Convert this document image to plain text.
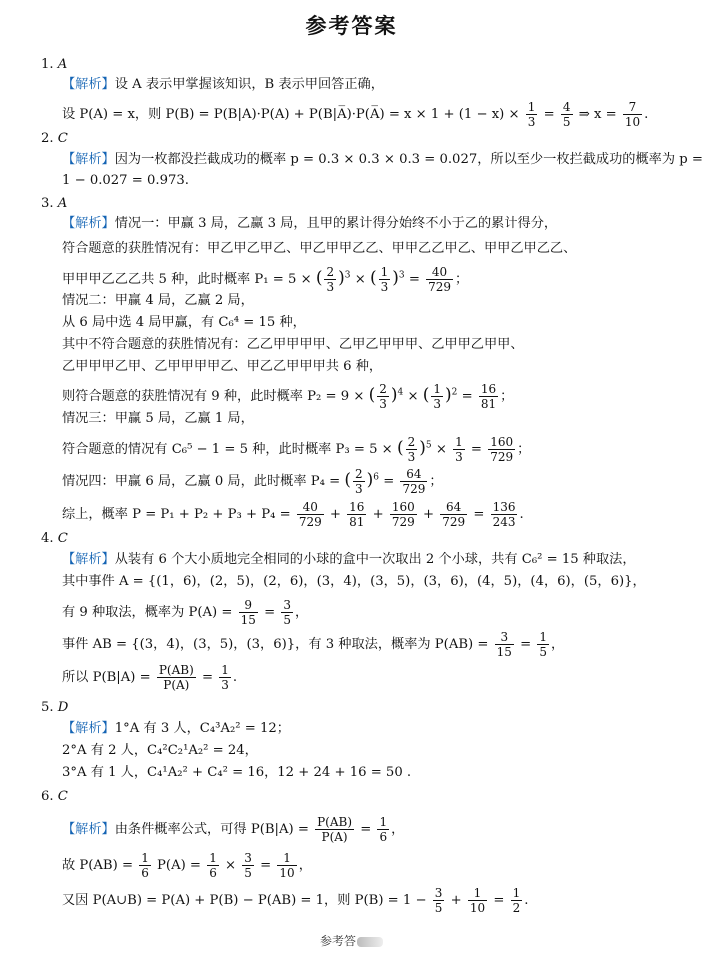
参考答案
1. A
【解析】设 A 表示甲掌握该知识，B 表示甲回答正确，
设 P(A) = x，则 P(B) = P(B|A)·P(A) + P(B|A̅)·P(A̅) = $x \times 1 + (1 - x) \times \frac{1}{3} = \frac{4}{5}$ ⇒ $x = \frac{7}{10}$ .
2. C
【解析】因为一枚都没拦截成功的概率 p = 0.3 × 0.3 × 0.3 = 0.027，所以至少一枚拦截成功的概率为 p =
1 − 0.027 = 0.973.
3. A
【解析】情况一：甲赢 3 局，乙赢 3 局，且甲的累计得分始终不小于乙的累计得分，
符合题意的获胜情况有：甲乙甲乙甲乙、甲乙甲甲乙乙、甲甲乙乙甲乙、甲甲乙甲乙乙、
甲甲甲乙乙乙共 5 种，此时概率 P₁ = 5 × ( $\frac{2}{3} )^3$ × ( $\frac{1}{3} )^3 = \frac{40}{729}$ ；
情况二：甲赢 4 局，乙赢 2 局，
从 6 局中选 4 局甲赢，有 C₆⁴ = 15 种，
其中不符合题意的获胜情况有：乙乙甲甲甲甲、乙甲乙甲甲甲、乙甲甲乙甲甲、
乙甲甲甲乙甲、乙甲甲甲甲乙、甲乙乙甲甲甲共 6 种，
则符合题意的获胜情况有 9 种，此时概率 P₂ = 9 × ( $\frac{2}{3} )^4$ × ( $\frac{1}{3} )^2 = \frac{16}{81}$ ；
情况三：甲赢 5 局，乙赢 1 局，
符合题意的情况有 C₆⁵ − 1 = 5 种，此时概率 P₃ = 5 × ( $\frac{2}{3} )^5 \times \frac{1}{3} = \frac{160}{729}$ ；
情况四：甲赢 6 局，乙赢 0 局，此时概率 P₄ = ( $\frac{2}{3} )^6 = \frac{64}{729}$ ；
综上，概率 $P = P_1 + P_2 + P_3 + P_4 = \frac{40}{729} + \frac{16}{81} + \frac{160}{729} + \frac{64}{729} = \frac{136}{243}$ .
4. C
【解析】从装有 6 个大小质地完全相同的小球的盒中一次取出 2 个小球，共有 C₆² = 15 种取法，
其中事件 A = {(1，6)，(2，5)，(2，6)，(3，4)，(3，5)，(3，6)，(4，5)，(4，6)，(5，6)}，
有 9 种取法，概率为 $P(A) = \frac{9}{15} = \frac{3}{5}$ ，
事件 AB = {(3，4)，(3，5)，(3，6)}，有 3 种取法，概率为 $P(AB) = \frac{3}{15} = \frac{1}{5}$ ，
所以 $P(B|A) = \frac{P(AB)}{P(A)} = \frac{1}{3}$ .
5. D
【解析】1°A 有 3 人，C₄³A₂² = 12；
2°A 有 2 人，C₄²C₂¹A₂² = 24，
3°A 有 1 人，C₄¹A₂² + C₄² = 16，12 + 24 + 16 = 50 .
6. C
【解析】由条件概率公式，可得 $P(B|A) = \frac{P(AB)}{P(A)} = \frac{1}{6}$ ，
故 $P(AB) = \frac{1}{6} P(A) = \frac{1}{6} \times \frac{3}{5} = \frac{1}{10}$ ，
又因 P(A∪B) = P(A) + P(B) − P(AB) = 1，则 $P(B) = 1 - \frac{3}{5} + \frac{1}{10} = \frac{1}{2}$ .
参考答
